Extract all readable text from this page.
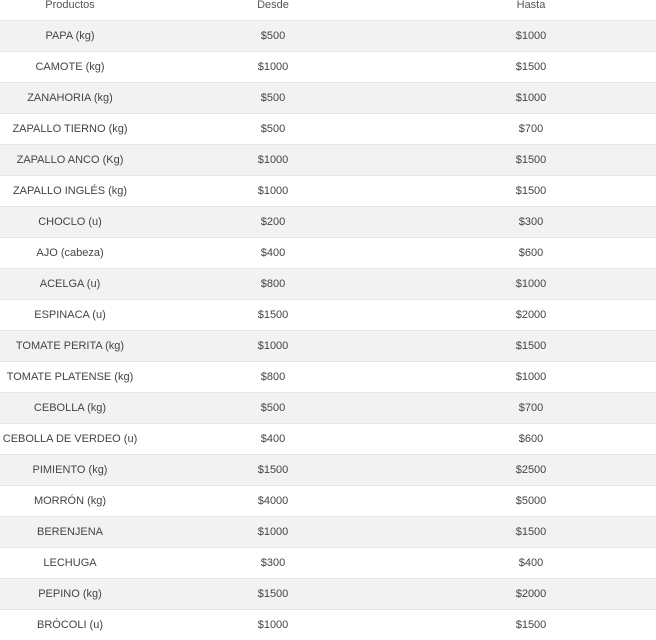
Productos	Desde	Hasta
PAPA (kg)	$500	$1000
CAMOTE (kg)	$1000	$1500
ZANAHORIA (kg)	$500	$1000
ZAPALLO TIERNO (kg)	$500	$700
ZAPALLO ANCO (Kg)	$1000	$1500
ZAPALLO INGLÉS (kg)	$1000	$1500
CHOCLO (u)	$200	$300
AJO (cabeza)	$400	$600
ACELGA (u)	$800	$1000
ESPINACA (u)	$1500	$2000
TOMATE PERITA (kg)	$1000	$1500
TOMATE PLATENSE (kg)	$800	$1000
CEBOLLA (kg)	$500	$700
CEBOLLA DE VERDEO (u)	$400	$600
PIMIENTO (kg)	$1500	$2500
MORRÓN (kg)	$4000	$5000
BERENJENA	$1000	$1500
LECHUGA	$300	$400
PEPINO (kg)	$1500	$2000
BRÓCOLI (u)	$1000	$1500
